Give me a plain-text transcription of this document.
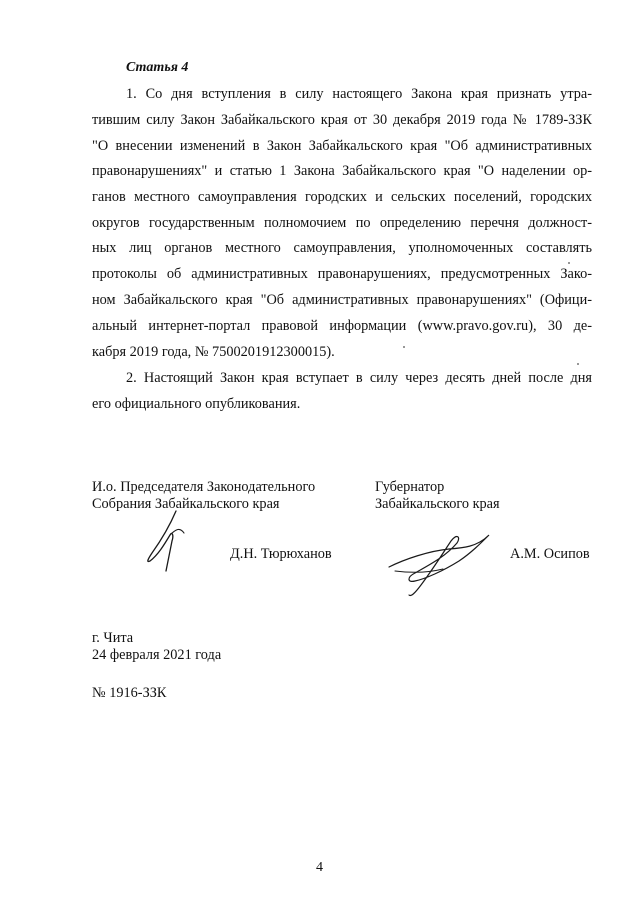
Статья 4
1. Со дня вступления в силу настоящего Закона края признать утра-
тившим силу Закон Забайкальского края от 30 декабря 2019 года № 1789-ЗЗК
"О внесении изменений в Закон Забайкальского края "Об административных
правонарушениях" и статью 1 Закона Забайкальского края "О наделении ор-
ганов местного самоуправления городских и сельских поселений, городских
округов государственным полномочием по определению перечня должност-
ных лиц органов местного самоуправления, уполномоченных составлять
протоколы об административных правонарушениях, предусмотренных Зако-
ном Забайкальского края "Об административных правонарушениях" (Офици-
альный интернет-портал правовой информации (www.pravo.gov.ru), 30 де-
кабря 2019 года, № 7500201912300015).
2. Настоящий Закон края вступает в силу через десять дней после дня
его официального опубликования.
И.о. Председателя Законодательного
Собрания Забайкальского края
Д.Н. Тюрюханов
Губернатор
Забайкальского края
А.М. Осипов
г. Чита
24 февраля 2021 года
№ 1916-ЗЗК
4
